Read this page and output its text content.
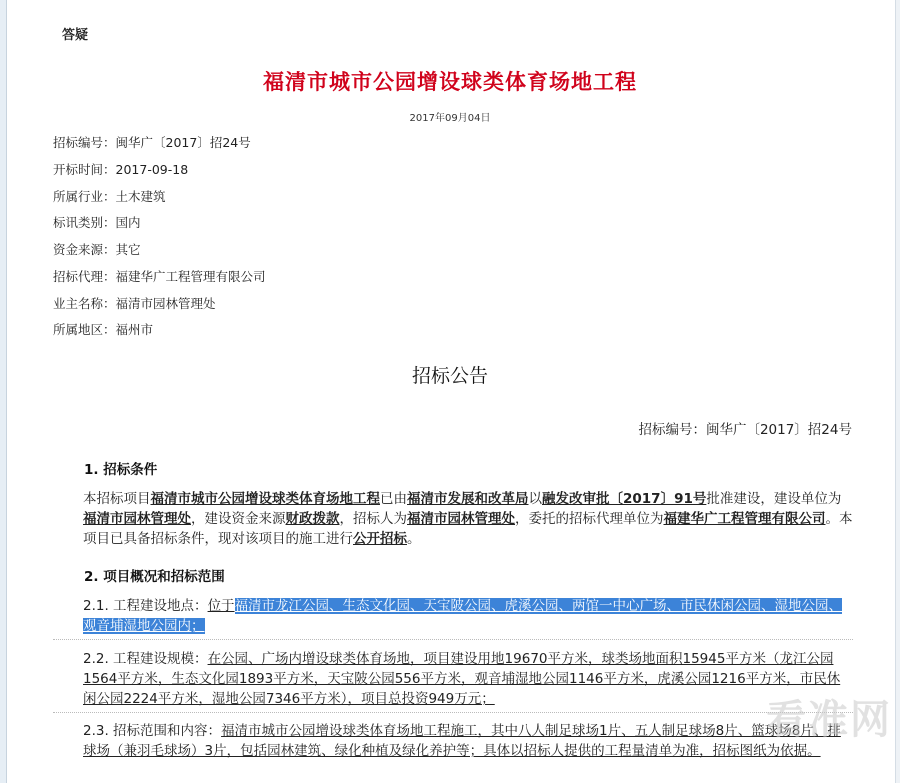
答疑
福清市城市公园增设球类体育场地工程
2017年09月04日
招标编号：闽华广〔2017〕招24号
开标时间：2017-09-18
所属行业：土木建筑
标讯类别：国内
资金来源：其它
招标代理：福建华广工程管理有限公司
业主名称：福清市园林管理处
所属地区：福州市
招标公告
招标编号：闽华广〔2017〕招24号
1. 招标条件

本招标项目福清市城市公园增设球类体育场地工程已由福清市发展和改革局以融发改审批〔2017〕91号批准建设，建设单位为福清市园林管理处，建设资金来源财政拨款，招标人为福清市园林管理处，委托的招标代理单位为福建华广工程管理有限公司。本项目已具备招标条件，现对该项目的施工进行公开招标。

2. 项目概况和招标范围

2.1. 工程建设地点：位于福清市龙江公园、生态文化园、天宝陂公园、虎溪公园、两馆一中心广场、市民休闲公园、湿地公园、观音埔湿地公园内；

2.2. 工程建设规模：在公园、广场内增设球类体育场地，项目建设用地19670平方米，球类场地面积15945平方米（龙江公园1564平方米，生态文化园1893平方米，天宝陂公园556平方米，观音埔湿地公园1146平方米，虎溪公园1216平方米，市民休闲公园2224平方米，湿地公园7346平方米），项目总投资949万元；

2.3. 招标范围和内容：福清市城市公园增设球类体育场地工程施工，其中八人制足球场1片、五人制足球场8片、篮球场8片、排球场（兼羽毛球场）3片，包括园林建筑、绿化种植及绿化养护等；具体以招标人提供的工程量清单为准，招标图纸为依据。

看准网
